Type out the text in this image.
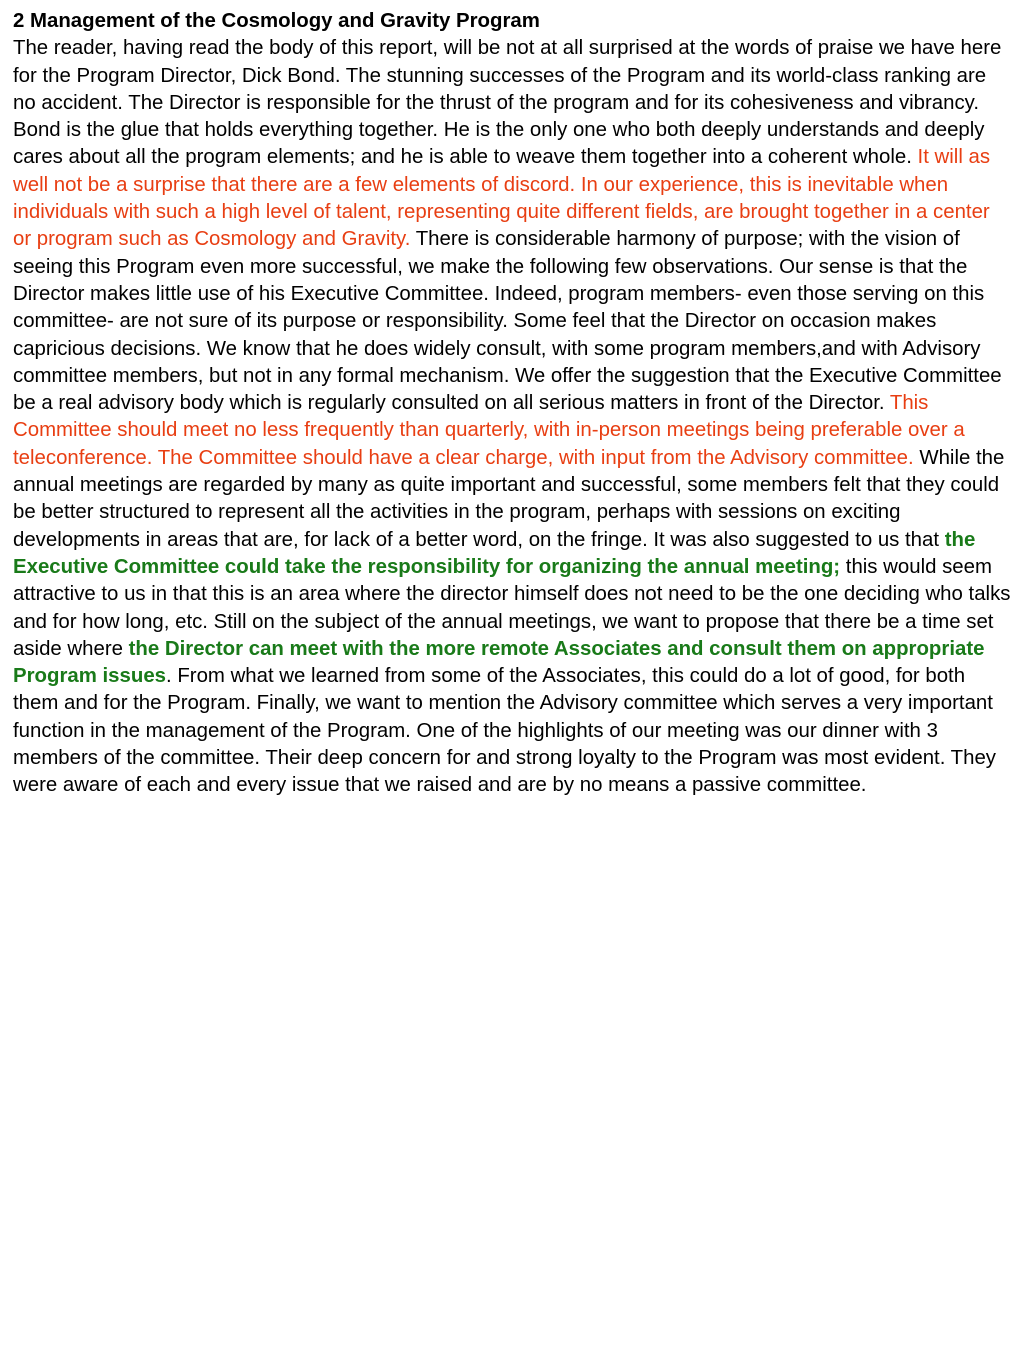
2 Management of the Cosmology and Gravity Program

The reader, having read the body of this report, will be not at all surprised at the words of praise we have here for the Program Director, Dick Bond. The stunning successes of the Program and its world-class ranking are no accident. The Director is responsible for the thrust of the program and for its cohesiveness and vibrancy. Bond is the glue that holds everything together. He is the only one who both deeply understands and deeply cares about all the program elements; and he is able to weave them together into a coherent whole. It will as well not be a surprise that there are a few elements of discord. In our experience, this is inevitable when individuals with such a high level of talent, representing quite different fields, are brought together in a center or program such as Cosmology and Gravity. There is considerable harmony of purpose; with the vision of seeing this Program even more successful, we make the following few observations. Our sense is that the Director makes little use of his Executive Committee. Indeed, program members- even those serving on this committee- are not sure of its purpose or responsibility. Some feel that the Director on occasion makes capricious decisions. We know that he does widely consult, with some program members,and with Advisory committee members, but not in any formal mechanism. We offer the suggestion that the Executive Committee be a real advisory body which is regularly consulted on all serious matters in front of the Director. This Committee should meet no less frequently than quarterly, with in-person meetings being preferable over a teleconference. The Committee should have a clear charge, with input from the Advisory committee. While the annual meetings are regarded by many as quite important and successful, some members felt that they could be better structured to represent all the activities in the program, perhaps with sessions on exciting developments in areas that are, for lack of a better word, on the fringe. It was also suggested to us that the Executive Committee could take the responsibility for organizing the annual meeting; this would seem attractive to us in that this is an area where the director himself does not need to be the one deciding who talks and for how long, etc. Still on the subject of the annual meetings, we want to propose that there be a time set aside where the Director can meet with the more remote Associates and consult them on appropriate Program issues. From what we learned from some of the Associates, this could do a lot of good, for both them and for the Program. Finally, we want to mention the Advisory committee which serves a very important function in the management of the Program. One of the highlights of our meeting was our dinner with 3 members of the committee. Their deep concern for and strong loyalty to the Program was most evident. They were aware of each and every issue that we raised and are by no means a passive committee.
